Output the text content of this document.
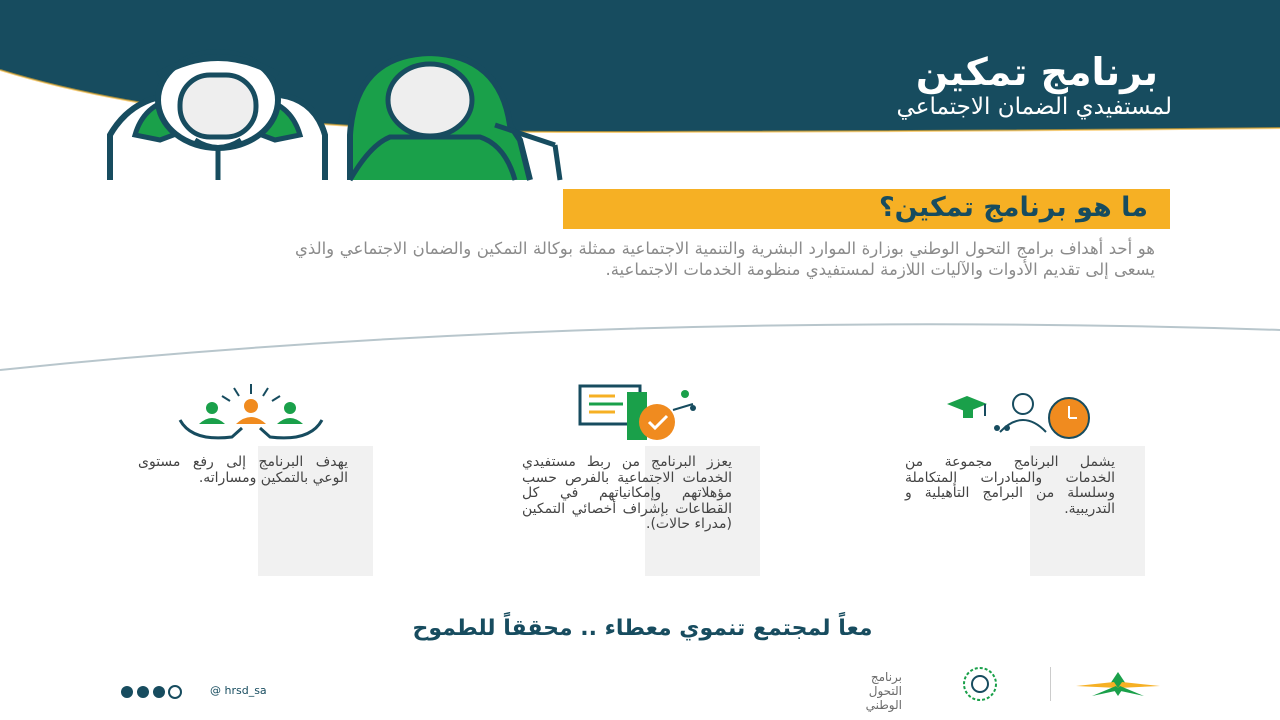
برنامج تمكين
لمستفيدي الضمان الاجتماعي
ما هو برنامج تمكين؟
هو أحد أهداف برامج التحول الوطني بوزارة الموارد البشرية والتنمية الاجتماعية ممثلة بوكالة التمكين والضمان الاجتماعي والذي يسعى إلى تقديم الأدوات والآليات اللازمة لمستفيدي منظومة الخدمات الاجتماعية.
يهدف البرنامج إلى رفع مستوى الوعي بالتمكين ومساراته.
يعزز البرنامج من ربط مستفيدي الخدمات الاجتماعية بالفرص حسب مؤهلاتهم وإمكانياتهم في كل القطاعات بإشراف أخصائي التمكين (مدراء حالات).
يشمل البرنامج مجموعة من الخدمات والمبادرات المتكاملة وسلسلة من البرامج التأهيلية و التدريبية.
معاً لمجتمع تنموي معطاء .. محققاً للطموح
@ hrsd_sa
برنامج التحول الوطني
